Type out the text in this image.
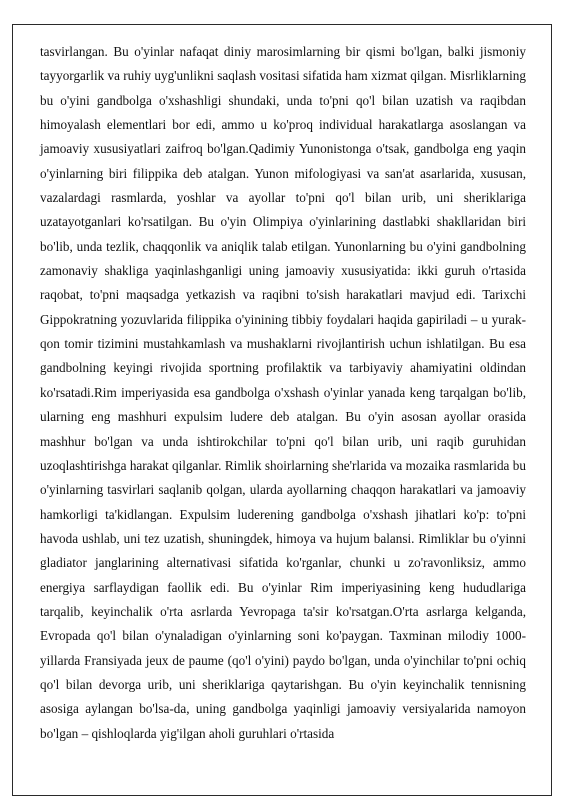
tasvirlangan. Bu o'yinlar nafaqat diniy marosimlarning bir qismi bo'lgan, balki jismoniy tayyorgarlik va ruhiy uyg'unlikni saqlash vositasi sifatida ham xizmat qilgan. Misrliklarning bu o'yini gandbolga o'xshashligi shundaki, unda to'pni qo'l bilan uzatish va raqibdan himoyalash elementlari bor edi, ammo u ko'proq individual harakatlarga asoslangan va jamoaviy xususiyatlari zaifroq bo'lgan.Qadimiy Yunonistonga o'tsak, gandbolga eng yaqin o'yinlarning biri filippika deb atalgan. Yunon mifologiyasi va san'at asarlarida, xususan, vazalardagi rasmlarda, yoshlar va ayollar to'pni qo'l bilan urib, uni sheriklariga uzatayotganlari ko'rsatilgan. Bu o'yin Olimpiya o'yinlarining dastlabki shakllaridan biri bo'lib, unda tezlik, chaqqonlik va aniqlik talab etilgan. Yunonlarning bu o'yini gandbolning zamonaviy shakliga yaqinlashganligi uning jamoaviy xususiyatida: ikki guruh o'rtasida raqobat, to'pni maqsadga yetkazish va raqibni to'sish harakatlari mavjud edi. Tarixchi Gippokratning yozuvlarida filippika o'yinining tibbiy foydalari haqida gapiriladi – u yurak-qon tomir tizimini mustahkamlash va mushaklarni rivojlantirish uchun ishlatilgan. Bu esa gandbolning keyingi rivojida sportning profilaktik va tarbiyaviy ahamiyatini oldindan ko'rsatadi.Rim imperiyasida esa gandbolga o'xshash o'yinlar yanada keng tarqalgan bo'lib, ularning eng mashhuri expulsim ludere deb atalgan. Bu o'yin asosan ayollar orasida mashhur bo'lgan va unda ishtirokchilar to'pni qo'l bilan urib, uni raqib guruhidan uzoqlashtirishga harakat qilganlar. Rimlik shoirlarning she'rlarida va mozaika rasmlarida bu o'yinlarning tasvirlari saqlanib qolgan, ularda ayollarning chaqqon harakatlari va jamoaviy hamkorligi ta'kidlangan. Expulsim luderening gandbolga o'xshash jihatlari ko'p: to'pni havoda ushlab, uni tez uzatish, shuningdek, himoya va hujum balansi. Rimliklar bu o'yinni gladiator janglarining alternativasi sifatida ko'rganlar, chunki u zo'ravonliksiz, ammo energiya sarflaydigan faollik edi. Bu o'yinlar Rim imperiyasining keng hududlariga tarqalib, keyinchalik o'rta asrlarda Yevropaga ta'sir ko'rsatgan.O'rta asrlarga kelganda, Evropada qo'l bilan o'ynaladigan o'yinlarning soni ko'paygan. Taxminan milodiy 1000-yillarda Fransiyada jeux de paume (qo'l o'yini) paydo bo'lgan, unda o'yinchilar to'pni ochiq qo'l bilan devorga urib, uni sheriklariga qaytarishgan. Bu o'yin keyinchalik tennisning asosiga aylangan bo'lsa-da, uning gandbolga yaqinligi jamoaviy versiyalarida namoyon bo'lgan – qishloqlarda yig'ilgan aholi guruhlari o'rtasida
